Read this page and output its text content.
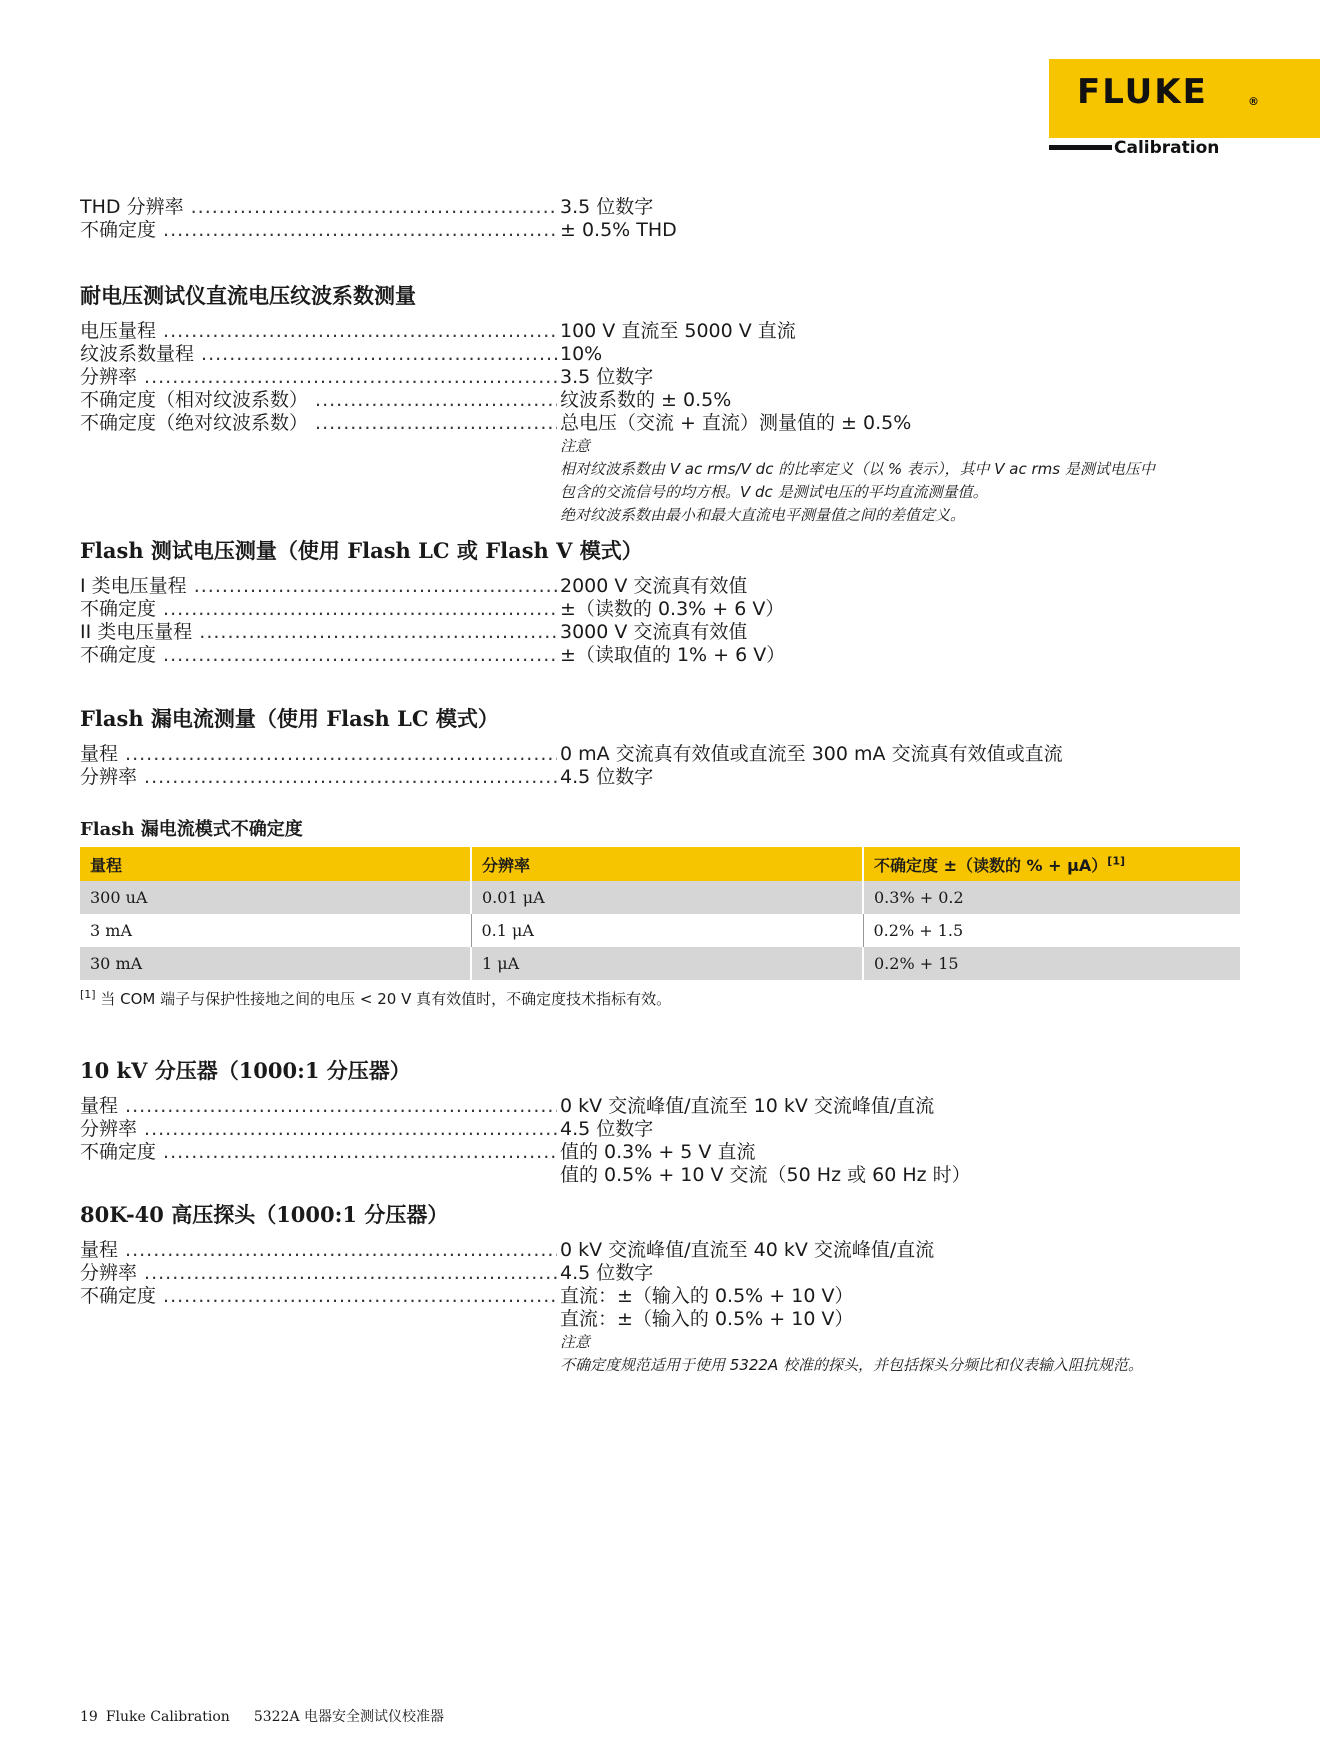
FLUKE	®
Calibration
THD 分辨率 .....	3.5 位数字
不确定度 .....	± 0.5% THD
耐电压测试仪直流电压纹波系数测量
电压量程 .....	100 V 直流至 5000 V 直流
纹波系数量程 .....	10%
分辨率 .....	3.5 位数字
不确定度（相对纹波系数） .....	纹波系数的 ± 0.5%
不确定度（绝对纹波系数） .....	总电压（交流 + 直流）测量值的 ± 0.5%
注意
相对纹波系数由 V ac rms/V dc 的比率定义（以 % 表示），其中 V ac rms 是测试电压中
包含的交流信号的均方根。V dc 是测试电压的平均直流测量值。
绝对纹波系数由最小和最大直流电平测量值之间的差值定义。
Flash 测试电压测量（使用 Flash LC 或 Flash V 模式）
I 类电压量程 .....	2000 V 交流真有效值
不确定度 .....	±（读数的 0.3% + 6 V）
II 类电压量程 .....	3000 V 交流真有效值
不确定度 .....	±（读取值的 1% + 6 V）
Flash 漏电流测量（使用 Flash LC 模式）
量程 .....	0 mA 交流真有效值或直流至 300 mA 交流真有效值或直流
分辨率 .....	4.5 位数字
Flash 漏电流模式不确定度
量程	分辨率	不确定度 ±（读数的 % + μA）[1]
300 uA	0.01 μA	0.3% + 0.2
3 mA	0.1 μA	0.2% + 1.5
30 mA	1 μA	0.2% + 15
[1] 当 COM 端子与保护性接地之间的电压 < 20 V 真有效值时，不确定度技术指标有效。
10 kV 分压器（1000:1 分压器）
量程 .....	0 kV 交流峰值/直流至 10 kV 交流峰值/直流
分辨率 .....	4.5 位数字
不确定度 .....	值的 0.3% + 5 V 直流
值的 0.5% + 10 V 交流（50 Hz 或 60 Hz 时）
80K-40 高压探头（1000:1 分压器）
量程 .....	0 kV 交流峰值/直流至 40 kV 交流峰值/直流
分辨率 .....	4.5 位数字
不确定度 .....	直流：±（输入的 0.5% + 10 V）
直流：±（输入的 0.5% + 10 V）
注意
不确定度规范适用于使用 5322A 校准的探头，并包括探头分频比和仪表输入阻抗规范。
19 Fluke Calibration 5322A 电器安全测试仪校准器
